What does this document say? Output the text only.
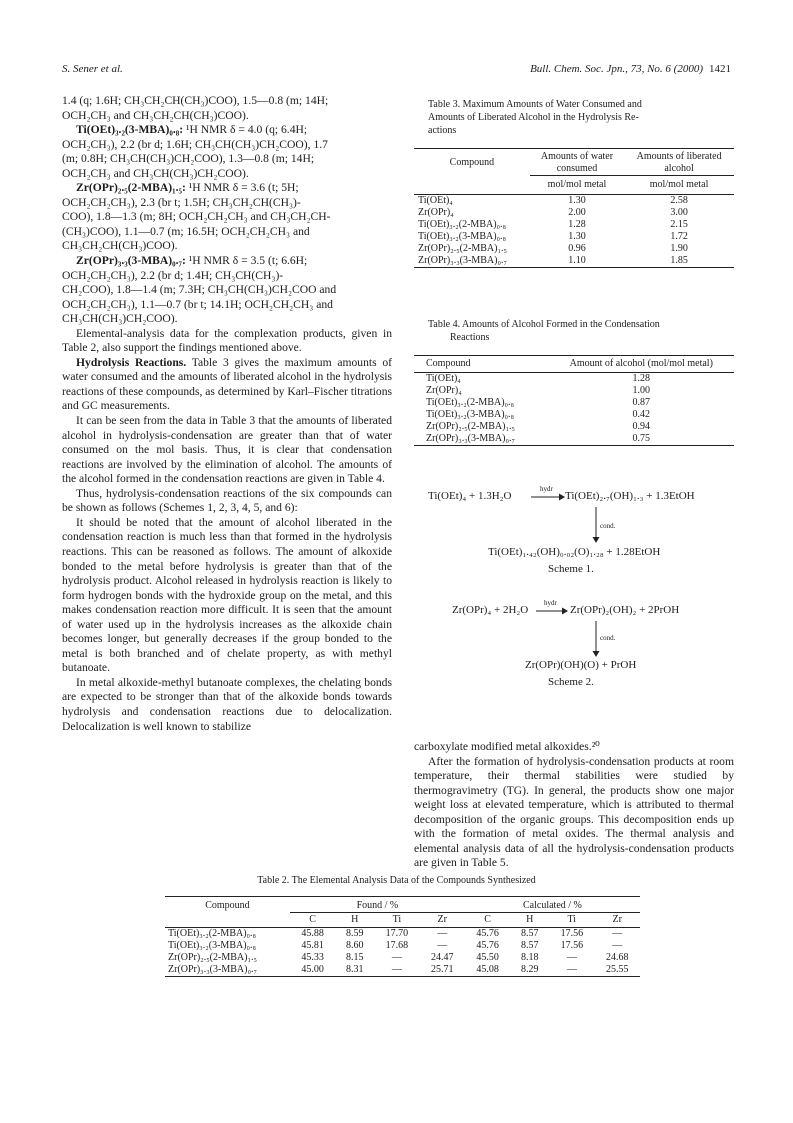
S. Sener et al.	Bull. Chem. Soc. Jpn., 73, No. 6 (2000) 1421

1.4 (q; 1.6H; CH₃CH₂CH(CH₃)COO), 1.5—0.8 (m; 14H;

OCH₂CH₃ and CH₃CH₂CH(CH₃)COO).

Ti(OEt)₃.₂(3-MBA)₀.₈: ¹H NMR δ = 4.0 (q; 6.4H;

OCH₂CH₃), 2.2 (br d; 1.6H; CH₃CH(CH₃)CH₂COO), 1.7

(m; 0.8H; CH₃CH(CH₃)CH₂COO), 1.3—0.8 (m; 14H;

OCH₂CH₃ and CH₃CH(CH₃)CH₂COO).

Zr(OPr)₂.₅(2-MBA)₁.₅: ¹H NMR δ = 3.6 (t; 5H;

OCH₂CH₂CH₃), 2.3 (br t; 1.5H; CH₃CH₂CH(CH₃)-

COO), 1.8—1.3 (m; 8H; OCH₂CH₂CH₃ and CH₃CH₂CH-

(CH₃)COO), 1.1—0.7 (m; 16.5H; OCH₂CH₂CH₃ and

CH₃CH₂CH(CH₃)COO).

Zr(OPr)₃.₃(3-MBA)₀.₇: ¹H NMR δ = 3.5 (t; 6.6H;

OCH₂CH₂CH₃), 2.2 (br d; 1.4H; CH₃CH(CH₃)-

CH₂COO), 1.8—1.4 (m; 7.3H; CH₃CH(CH₃)CH₂COO and

OCH₂CH₂CH₃), 1.1—0.7 (br t; 14.1H; OCH₂CH₂CH₃ and

CH₃CH(CH₃)CH₂COO).

Elemental-analysis data for the complexation products, given in Table 2, also support the findings mentioned above.

Hydrolysis Reactions. Table 3 gives the maximum amounts of water consumed and the amounts of liberated alcohol in the hydrolysis reactions of these compounds, as determined by Karl–Fischer titrations and GC measurements.

It can be seen from the data in Table 3 that the amounts of liberated alcohol in hydrolysis-condensation are greater than that of water consumed on the mol basis. Thus, it is clear that condensation reactions are involved by the elimination of alcohol. The amounts of the alcohol formed in the condensation reactions are given in Table 4.

Thus, hydrolysis-condensation reactions of the six compounds can be shown as follows (Schemes 1, 2, 3, 4, 5, and 6):

It should be noted that the amount of alcohol liberated in the condensation reaction is much less than that formed in the hydrolysis reactions. This can be reasoned as follows. The amount of alkoxide bonded to the metal before hydrolysis is greater than that of the hydrolysis product. Alcohol released in hydrolysis reaction is likely to form hydrogen bonds with the hydroxide group on the metal, and this makes condensation reaction more difficult. It is seen that the amount of water used up in the hydrolysis increases as the alkoxide chain becomes longer, but generally decreases if the group bonded to the metal is both branched and of chelate property, as with methyl butanoate.

In metal alkoxide-methyl butanoate complexes, the chelating bonds are expected to be stronger than that of the alkoxide bonds towards hydrolysis and condensation reactions due to delocalization. Delocalization is well known to stabilize

Table 3. Maximum Amounts of Water Consumed and
Amounts of Liberated Alcohol in the Hydrolysis Re-
actions
Compound	Amounts of water	Amounts of liberated
	consumed	alcohol
	mol/mol metal	mol/mol metal
Ti(OEt)₄	1.30	2.58
Zr(OPr)₄	2.00	3.00
Ti(OEt)₃.₂(2-MBA)₀.₈	1.28	2.15
Ti(OEt)₃.₂(3-MBA)₀.₈	1.30	1.72
Zr(OPr)₂.₅(2-MBA)₁.₅	0.96	1.90
Zr(OPr)₃.₃(3-MBA)₀.₇	1.10	1.85
Table 4. Amounts of Alcohol Formed in the Condensation
Reactions
Compound	Amount of alcohol (mol/mol metal)
Ti(OEt)₄	1.28
Zr(OPr)₄	1.00
Ti(OEt)₃.₂(2-MBA)₀.₈	0.87
Ti(OEt)₃.₂(3-MBA)₀.₈	0.42
Zr(OPr)₂.₅(2-MBA)₁.₅	0.94
Zr(OPr)₃.₃(3-MBA)₀.₇	0.75
Ti(OEt)₄ + 1.3H₂O
hydr
Ti(OEt)₂.₇(OH)₁.₃ + 1.3EtOH
cond.
Ti(OEt)₁.₄₂(OH)₀.₀₂(O)₁.₂₈ + 1.28EtOH
Scheme 1.
Zr(OPr)₄ + 2H₂O
hydr
Zr(OPr)₂(OH)₂ + 2PrOH
cond.
Zr(OPr)(OH)(O) + PrOH
Scheme 2.

carboxylate modified metal alkoxides.²⁰

After the formation of hydrolysis-condensation products at room temperature, their thermal stabilities were studied by thermogravimetry (TG). In general, the products show one major weight loss at elevated temperature, which is attributed to thermal decomposition of the organic groups. This decomposition ends up with the formation of metal oxides. The thermal analysis and elemental analysis data of all the hydrolysis-condensation products are given in Table 5.

Table 2. The Elemental Analysis Data of the Compounds Synthesized
Compound	Found / %				Calculated / %			
	C	H	Ti	Zr	C	H	Ti	Zr
Ti(OEt)₃.₂(2-MBA)₀.₈	45.88	8.59	17.70	—	45.76	8.57	17.56	—
Ti(OEt)₃.₂(3-MBA)₀.₈	45.81	8.60	17.68	—	45.76	8.57	17.56	—
Zr(OPr)₂.₅(2-MBA)₁.₅	45.33	8.15	—	24.47	45.50	8.18	—	24.68
Zr(OPr)₃.₃(3-MBA)₀.₇	45.00	8.31	—	25.71	45.08	8.29	—	25.55
